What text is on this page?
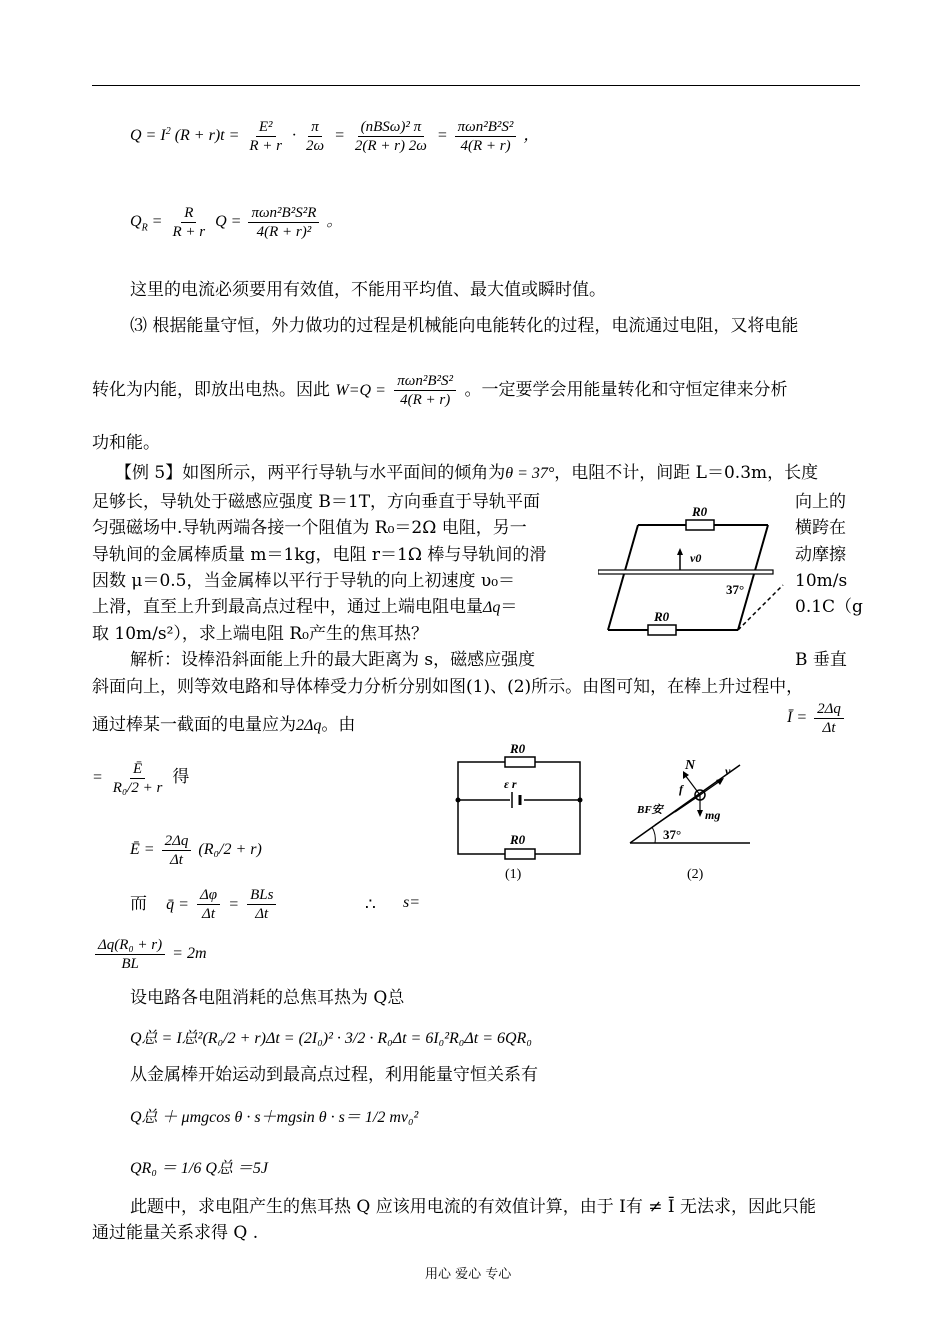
$Q = I^2$ $(R + r)t = \frac{\text{E²}}{R + r} \cdot \frac{\pi}{2\omega} = \frac{\text{(nBSω)² π}}{2(R + r) 2\omega} = \frac{\text{πωn²B²S²}}{4(R + r)}$ ，
$Q_R = \frac{R}{R + r}$ $Q = \frac{\text{πωn²B²S²R}}{\text{4(R + r)²}}$ 。
这里的电流必须要用有效值，不能用平均值、最大值或瞬时值。
⑶ 根据能量守恒，外力做功的过程是机械能向电能转化的过程，电流通过电阻，又将电能
转化为内能，即放出电热。因此 $W=Q = \frac{\text{πωn²B²S²}}{4(R + r)}$ 。一定要学会用能量转化和守恒定律来分析
功和能。
【例 5】如图所示，两平行导轨与水平面间的倾角为θ = 37°，电阻不计，间距 L＝0.3m，长度
足够长，导轨处于磁感应强度 B＝1T，方向垂直于导轨平面	向上的
匀强磁场中.导轨两端各接一个阻值为 R₀＝2Ω 电阻，另一	横跨在
导轨间的金属棒质量 m＝1kg，电阻 r＝1Ω 棒与导轨间的滑	动摩擦
因数 μ＝0.5，当金属棒以平行于导轨的向上初速度 υ₀＝	10m/s
上滑，直至上升到最高点过程中，通过上端电阻电量Δq＝	0.1C（g
取 10m/s²），求上端电阻 R₀产生的焦耳热？
R0
R0
v0
37°
解析：设棒沿斜面能上升的最大距离为 s，磁感应强度	B 垂直
斜面向上，则等效电路和导体棒受力分析分别如图(1)、(2)所示。由图可知，在棒上升过程中，
通过棒某一截面的电量应为2Δq。由	Ī = $\frac{2\Delta q}{\Delta t}$
= $\frac{Ē}{\text{R₀/2 + r}}$ 得
Ē = $\frac{2\Delta q}{\Delta t} (R_0/2 + r)$
而 q̄ = $\frac{\Delta\varphi}{\Delta t} = \frac{\text{BLs}}{\Delta t}$	∴ s=
$\frac{\text{Δq(R₀ + r)}}{BL} = 2m$
R0
ε r
R0
(1)
N v
f
BF安	mg
37°
(2)
设电路各电阻消耗的总焦耳热为 Q总
Q总 = I总²(R₀/2 + r)Δt = (2I₀)² · 3/2 · R₀Δt = 6I₀²R₀Δt = 6QR₀
从金属棒开始运动到最高点过程，利用能量守恒关系有
Q总 ＋ μmgcos θ · s＋mgsin θ · s＝ 1/2 mv₀²
QR₀ ＝ 1/6 Q总 ＝5J
此题中，求电阻产生的焦耳热 Q 应该用电流的有效值计算，由于 I有 ≠ Ī 无法求，因此只能
通过能量关系求得 Q .
用心 爱心 专心
